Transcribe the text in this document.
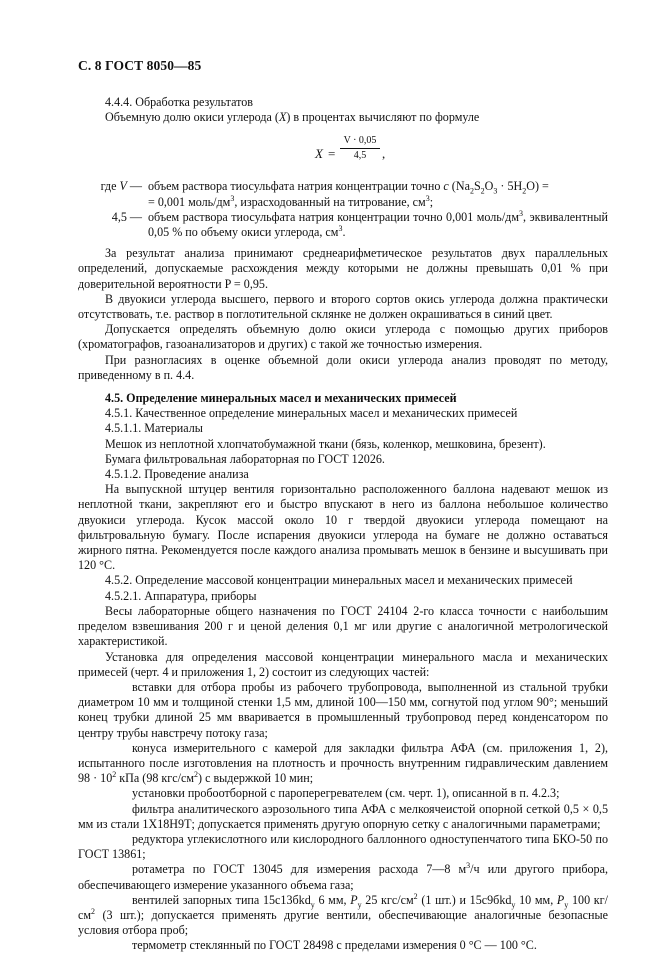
С. 8 ГОСТ 8050—85

4.4.4. Обработка результатов

Объемную долю окиси углерода (X) в процентах вычисляют по формуле

$X = \frac{V \cdot 0,05}{4,5}$ ,
где V — объем раствора тиосульфата натрия концентрации точно c $(Na_2S_2O_3 \cdot 5H_2O)$ =
= 0,001 моль/$дм^3$, израсходованный на титрование, $см^3$;
4,5 — объем раствора тиосульфата натрия концентрации точно 0,001 моль/$дм^3$, эквивалентный 0,05 % по объему окиси углерода, $см^3$.

За результат анализа принимают среднеарифметическое результатов двух параллельных определений, допускаемые расхождения между которыми не должны превышать 0,01 % при доверительной вероятности P = 0,95.

В двуокиси углерода высшего, первого и второго сортов окись углерода должна практически отсутствовать, т.е. раствор в поглотительной склянке не должен окрашиваться в синий цвет.

Допускается определять объемную долю окиси углерода с помощью других приборов (хроматографов, газоанализаторов и других) с такой же точностью измерения.

При разногласиях в оценке объемной доли окиси углерода анализ проводят по методу, приведенному в п. 4.4.

4.5. Определение минеральных масел и механических примесей

4.5.1. Качественное определение минеральных масел и механических примесей

4.5.1.1. Материалы

Мешок из неплотной хлопчатобумажной ткани (бязь, коленкор, мешковина, брезент).

Бумага фильтровальная лабораторная по ГОСТ 12026.

4.5.1.2. Проведение анализа

На выпускной штуцер вентиля горизонтально расположенного баллона надевают мешок из неплотной ткани, закрепляют его и быстро впускают в него из баллона небольшое количество двуокиси углерода. Кусок массой около 10 г твердой двуокиси углерода помещают на фильтровальную бумагу. После испарения двуокиси углерода на бумаге не должно оставаться жирного пятна. Рекомендуется после каждого анализа промывать мешок в бензине и высушивать при 120 °С.

4.5.2. Определение массовой концентрации минеральных масел и механических примесей

4.5.2.1. Аппаратура, приборы

Весы лабораторные общего назначения по ГОСТ 24104 2-го класса точности с наибольшим пределом взвешивания 200 г и ценой деления 0,1 мг или другие с аналогичной метрологической характеристикой.

Установка для определения массовой концентрации минерального масла и механических примесей (черт. 4 и приложения 1, 2) состоит из следующих частей:

вставки для отбора пробы из рабочего трубопровода, выполненной из стальной трубки диаметром 10 мм и толщиной стенки 1,5 мм, длиной 100—150 мм, согнутой под углом 90°; меньший конец трубки длиной 25 мм вваривается в промышленный трубопровод перед конденсатором по центру трубы навстречу потоку газа;

конуса измерительного с камерой для закладки фильтра АФА (см. приложения 1, 2), испытанного после изготовления на плотность и прочность внутренним гидравлическим давлением $98 \cdot 10^2$ кПа (98 кгс/$см^2$) с выдержкой 10 мин;

установки пробоотборной с пароперегревателем (см. черт. 1), описанной в п. 4.2.3;

фильтра аналитического аэрозольного типа АФА с мелкоячеистой опорной сеткой 0,5 × 0,5 мм из стали 1Х18Н9Т; допускается применять другую опорную сетку с аналогичными параметрами;

редуктора углекислотного или кислородного баллонного одноступенчатого типа БКО-50 по ГОСТ 13861;

ротаметра по ГОСТ 13045 для измерения расхода 7—8 $м^3/ч$ или другого прибора, обеспечивающего измерение указанного объема газа;

вентилей запорных типа 15с13бkd$_y$ 6 мм, $P_y$ 25 кгс/$см^2$ (1 шт.) и 15с9бkd$_y$ 10 мм, $P_y$ 100 $кг/см^2$ (3 шт.); допускается применять другие вентили, обеспечивающие аналогичные безопасные условия отбора проб;

термометр стеклянный по ГОСТ 28498 с пределами измерения 0 °С — 100 °С.
